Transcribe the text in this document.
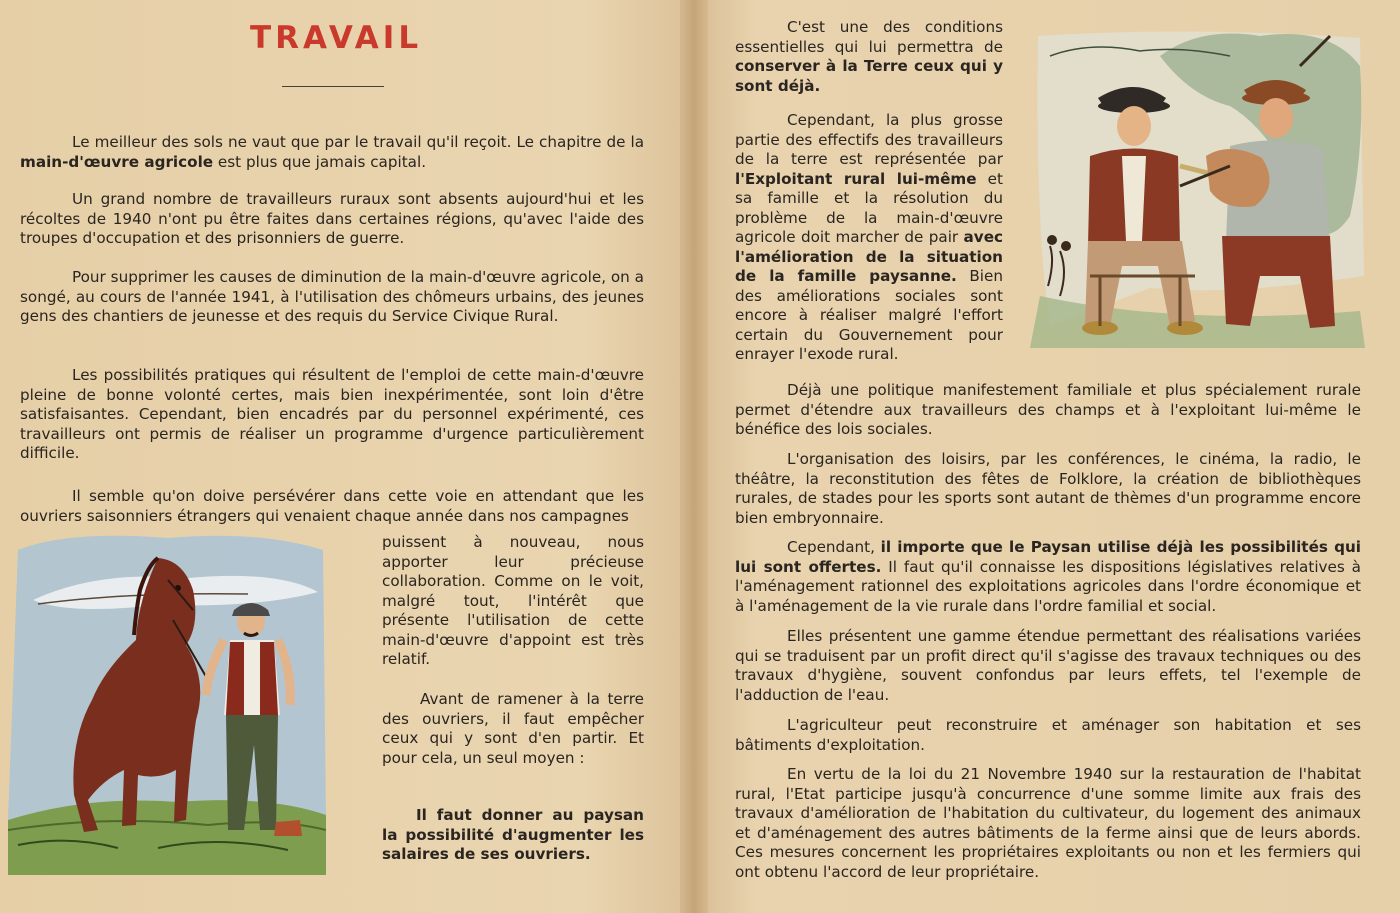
TRAVAIL

Le meilleur des sols ne vaut que par le travail qu'il reçoit. Le chapitre de la main-d'œuvre agricole est plus que jamais capital.

Un grand nombre de travailleurs ruraux sont absents aujourd'hui et les récoltes de 1940 n'ont pu être faites dans certaines régions, qu'avec l'aide des troupes d'occupation et des prisonniers de guerre.

Pour supprimer les causes de diminution de la main-d'œuvre agricole, on a songé, au cours de l'année 1941, à l'utilisation des chômeurs urbains, des jeunes gens des chantiers de jeunesse et des requis du Service Civique Rural.

Les possibilités pratiques qui résultent de l'emploi de cette main-d'œuvre pleine de bonne volonté certes, mais bien inexpérimentée, sont loin d'être satisfaisantes. Cependant, bien encadrés par du personnel expérimenté, ces travailleurs ont permis de réaliser un programme d'urgence particulièrement difficile.

Il semble qu'on doive persévérer dans cette voie en attendant que les ouvriers saisonniers étrangers qui venaient chaque année dans nos campagnes

puissent à nouveau, nous apporter leur précieuse collaboration. Comme on le voit, malgré tout, l'intérêt que présente l'utilisation de cette main-d'œuvre d'appoint est très relatif.

Avant de ramener à la terre des ouvriers, il faut empêcher ceux qui y sont d'en partir. Et pour cela, un seul moyen :

Il faut donner au paysan la possibilité d'augmenter les salaires de ses ouvriers.

C'est une des conditions essentielles qui lui permettra de conserver à la Terre ceux qui y sont déjà.

Cependant, la plus grosse partie des effectifs des travailleurs de la terre est représentée par l'Exploitant rural lui-même et sa famille et la résolution du problème de la main-d'œuvre agricole doit marcher de pair avec l'amélioration de la situation de la famille paysanne. Bien des améliorations sociales sont encore à réaliser malgré l'effort certain du Gouvernement pour enrayer l'exode rural.

Déjà une politique manifestement familiale et plus spécialement rurale permet d'étendre aux travailleurs des champs et à l'exploitant lui-même le bénéfice des lois sociales.

L'organisation des loisirs, par les conférences, le cinéma, la radio, le théâtre, la reconstitution des fêtes de Folklore, la création de bibliothèques rurales, de stades pour les sports sont autant de thèmes d'un programme encore bien embryonnaire.

Cependant, il importe que le Paysan utilise déjà les possibilités qui lui sont offertes. Il faut qu'il connaisse les dispositions législatives relatives à l'aménagement rationnel des exploitations agricoles dans l'ordre économique et à l'aménagement de la vie rurale dans l'ordre familial et social.

Elles présentent une gamme étendue permettant des réalisations variées qui se traduisent par un profit direct qu'il s'agisse des travaux techniques ou des travaux d'hygiène, souvent confondus par leurs effets, tel l'exemple de l'adduction de l'eau.

L'agriculteur peut reconstruire et aménager son habitation et ses bâtiments d'exploitation.

En vertu de la loi du 21 Novembre 1940 sur la restauration de l'habitat rural, l'Etat participe jusqu'à concurrence d'une somme limite aux frais des travaux d'amélioration de l'habitation du cultivateur, du logement des animaux et d'aménagement des autres bâtiments de la ferme ainsi que de leurs abords. Ces mesures concernent les propriétaires exploitants ou non et les fermiers qui ont obtenu l'accord de leur propriétaire.
